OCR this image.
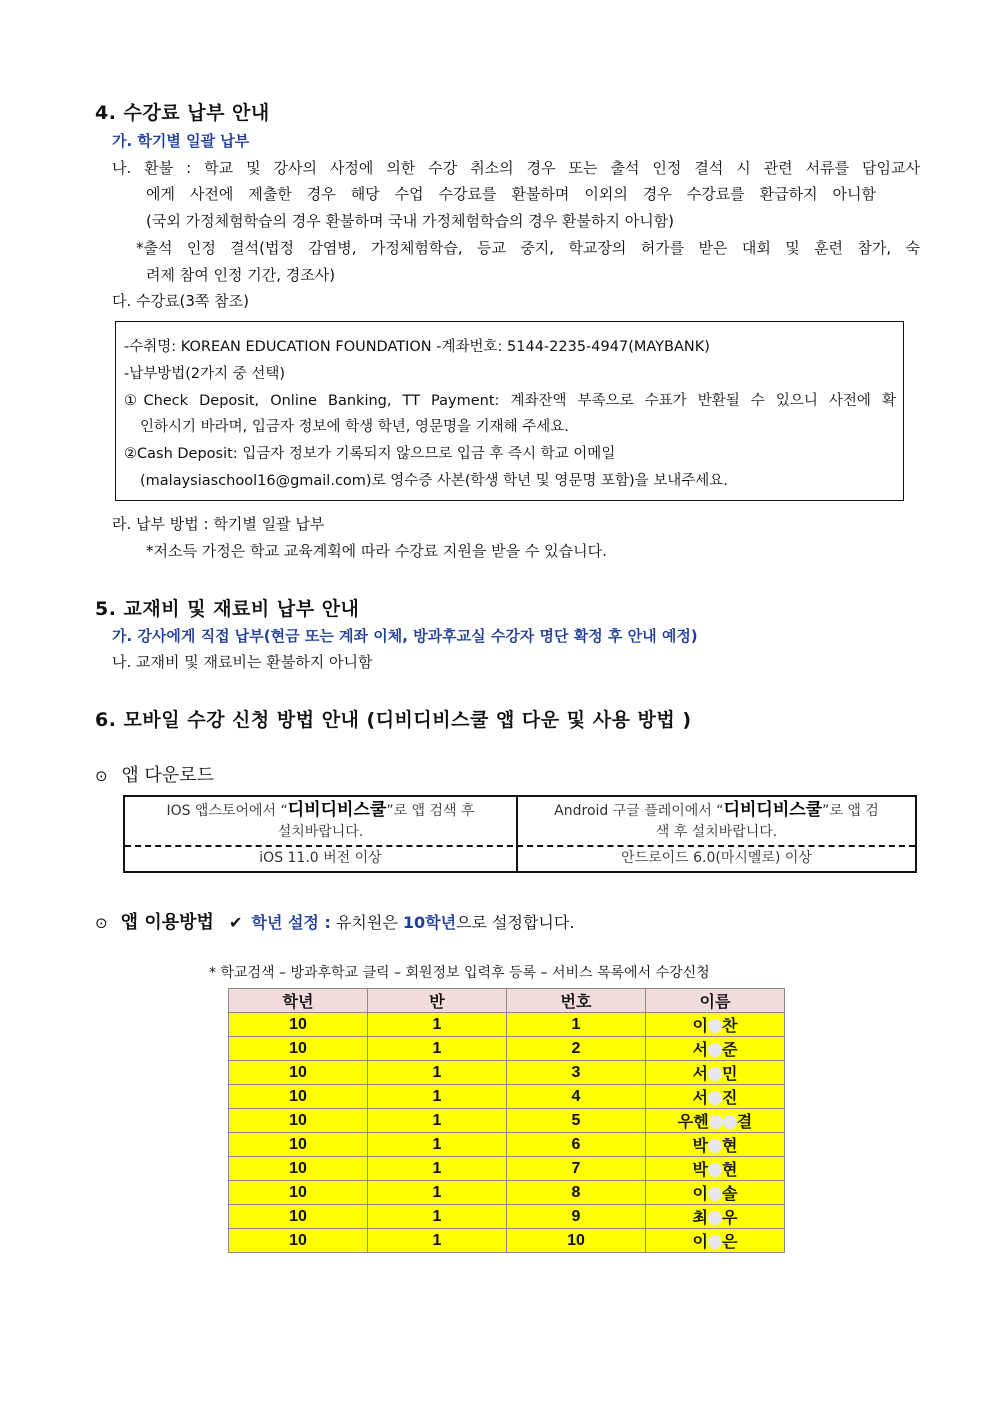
4. 수강료 납부 안내
가. 학기별 일괄 납부
나. 환불 : 학교 및 강사의 사정에 의한 수강 취소의 경우 또는 출석 인정 결석 시 관련 서류를 담임교사
에게 사전에 제출한 경우 해당 수업 수강료를 환불하며 이외의 경우 수강료를 환급하지 아니함
(국외 가정체험학습의 경우 환불하며 국내 가정체험학습의 경우 환불하지 아니함)
*출석 인정 결석(법정 감염병, 가정체험학습, 등교 중지, 학교장의 허가를 받은 대회 및 훈련 참가, 숙
려제 참여 인정 기간, 경조사)
다. 수강료(3쪽 참조)
-수취명: KOREAN EDUCATION FOUNDATION -계좌번호: 5144-2235-4947(MAYBANK)
-납부방법(2가지 중 선택)
①Check Deposit, Online Banking, TT Payment: 계좌잔액 부족으로 수표가 반환될 수 있으니 사전에 확
인하시기 바라며, 입금자 정보에 학생 학년, 영문명을 기재해 주세요.
②Cash Deposit: 입금자 정보가 기록되지 않으므로 입금 후 즉시 학교 이메일
(malaysiaschool16@gmail.com)로 영수증 사본(학생 학년 및 영문명 포함)을 보내주세요.
라. 납부 방법 : 학기별 일괄 납부
*저소득 가정은 학교 교육계획에 따라 수강료 지원을 받을 수 있습니다.
5. 교재비 및 재료비 납부 안내
가. 강사에게 직접 납부(현금 또는 계좌 이체, 방과후교실 수강자 명단 확정 후 안내 예정)
나. 교재비 및 재료비는 환불하지 아니함
6. 모바일 수강 신청 방법 안내 (디비디비스쿨 앱 다운 및 사용 방법 )
⊙ 앱 다운로드
IOS 앱스토어에서 “디비디비스쿨”로 앱 검색 후
설치바랍니다.
Android 구글 플레이에서 “디비디비스쿨”로 앱 검
색 후 설치바랍니다.
iOS 11.0 버전 이상	안드로이드 6.0(마시멜로) 이상
⊙ 앱 이용방법 ✔ 학년 설정 : 유치원은 10학년으로 설정합니다.
* 학교검색 – 방과후학교 클릭 – 회원정보 입력후 등록 – 서비스 목록에서 수강신청
학년	반	번호	이름
10	1	1	이 찬
10	1	2	서 준
10	1	3	서 민
10	1	4	서 진
10	1	5	우헨 결
10	1	6	박 현
10	1	7	박 현
10	1	8	이 솔
10	1	9	최 우
10	1	10	이 은
